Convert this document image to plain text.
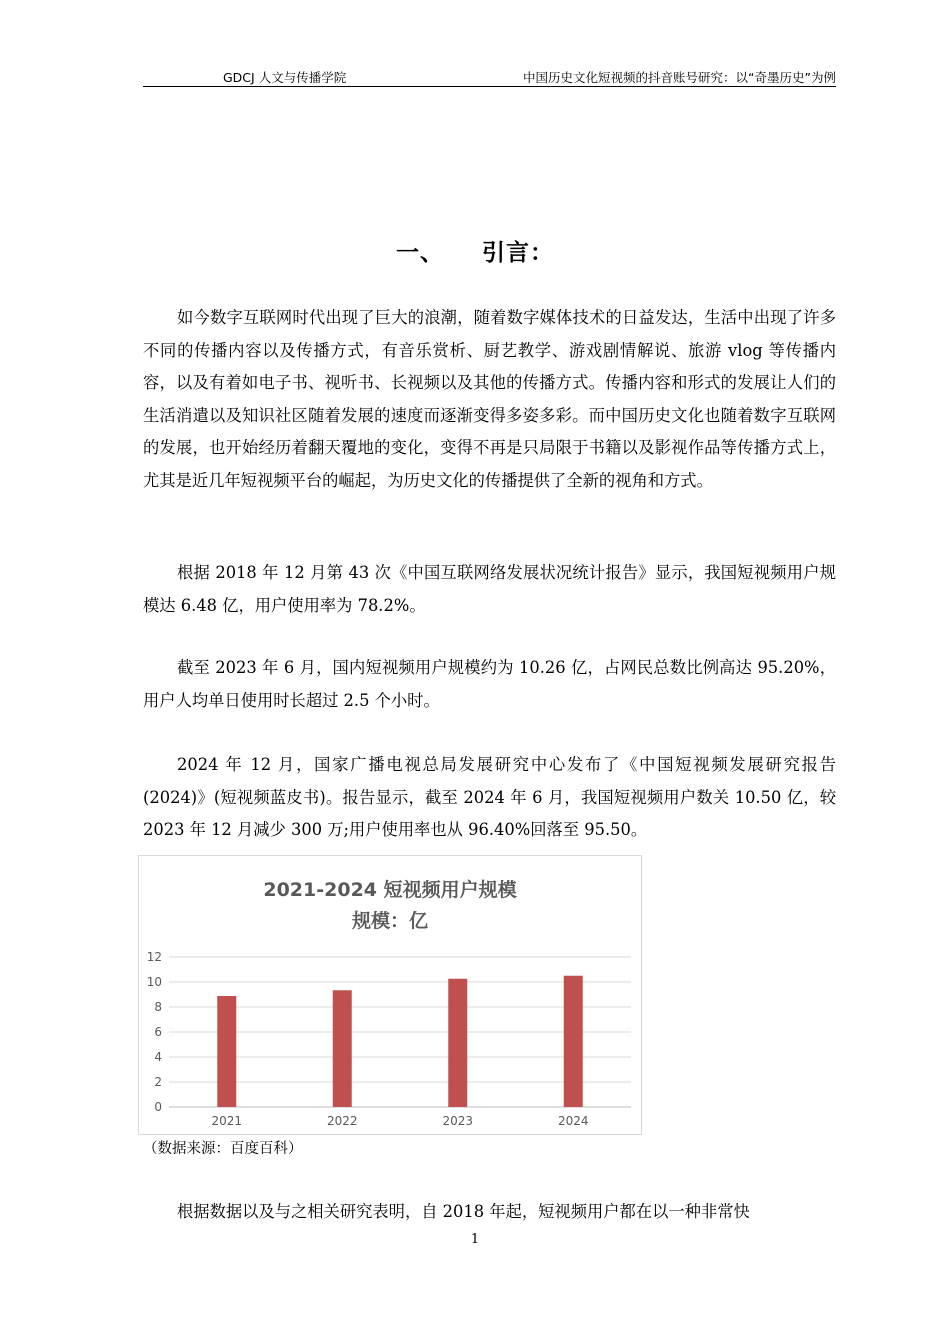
GDCJ 人文与传播学院	中国历史文化短视频的抖音账号研究：以“奇墨历史”为例
一、 引言：

如今数字互联网时代出现了巨大的浪潮，随着数字媒体技术的日益发达，生活中出现了许多不同的传播内容以及传播方式，有音乐赏析、厨艺教学、游戏剧情解说、旅游 vlog 等传播内容，以及有着如电子书、视听书、长视频以及其他的传播方式。传播内容和形式的发展让人们的生活消遣以及知识社区随着发展的速度而逐渐变得多姿多彩。而中国历史文化也随着数字互联网的发展，也开始经历着翻天覆地的变化，变得不再是只局限于书籍以及影视作品等传播方式上，尤其是近几年短视频平台的崛起，为历史文化的传播提供了全新的视角和方式。

根据 2018 年 12 月第 43 次《中国互联网络发展状况统计报告》显示，我国短视频用户规模达 6.48 亿，用户使用率为 78.2%。

截至 2023 年 6 月，国内短视频用户规模约为 10.26 亿，占网民总数比例高达 95.20%，用户人均单日使用时长超过 2.5 个小时。

2024 年 12 月，国家广播电视总局发展研究中心发布了《中国短视频发展研究报告(2024)》(短视频蓝皮书)。报告显示，截至 2024 年 6 月，我国短视频用户数关 10.50 亿，较 2023 年 12 月减少 300 万;用户使用率也从 96.40%回落至 95.50。

2021-2024 短视频用户规模
规模：亿
0
2
4
6
8
10
12
2021	2022	2023	2024
（数据来源：百度百科）

根据数据以及与之相关研究表明，自 2018 年起，短视频用户都在以一种非常快

1
